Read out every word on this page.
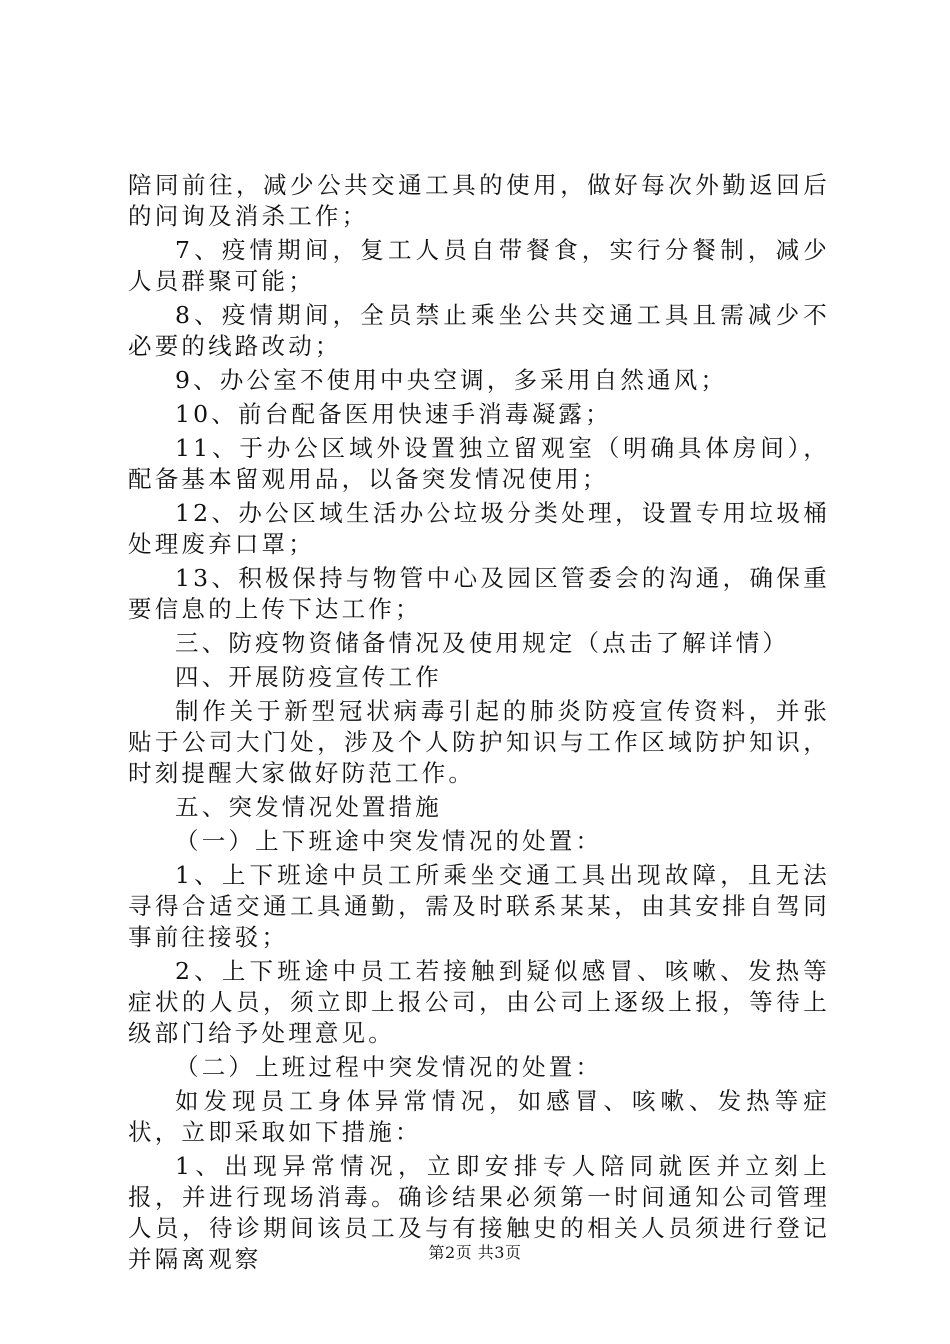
陪同前往，减少公共交通工具的使用，做好每次外勤返回后的问询及消杀工作；

7、疫情期间，复工人员自带餐食，实行分餐制，减少人员群聚可能；

8、疫情期间，全员禁止乘坐公共交通工具且需减少不必要的线路改动；

9、办公室不使用中央空调，多采用自然通风；

10、前台配备医用快速手消毒凝露；

11、于办公区域外设置独立留观室（明确具体房间），配备基本留观用品，以备突发情况使用；

12、办公区域生活办公垃圾分类处理，设置专用垃圾桶处理废弃口罩；

13、积极保持与物管中心及园区管委会的沟通，确保重要信息的上传下达工作；

三、防疫物资储备情况及使用规定（点击了解详情）

四、开展防疫宣传工作

制作关于新型冠状病毒引起的肺炎防疫宣传资料，并张贴于公司大门处，涉及个人防护知识与工作区域防护知识，时刻提醒大家做好防范工作。

五、突发情况处置措施

（一）上下班途中突发情况的处置：

1、上下班途中员工所乘坐交通工具出现故障，且无法寻得合适交通工具通勤，需及时联系某某，由其安排自驾同事前往接驳；

2、上下班途中员工若接触到疑似感冒、咳嗽、发热等症状的人员，须立即上报公司，由公司上逐级上报，等待上级部门给予处理意见。

（二）上班过程中突发情况的处置：

如发现员工身体异常情况，如感冒、咳嗽、发热等症状，立即采取如下措施：

1、出现异常情况，立即安排专人陪同就医并立刻上报，并进行现场消毒。确诊结果必须第一时间通知公司管理人员，待诊期间该员工及与有接触史的相关人员须进行登记并隔离观察	第2页 共3页
